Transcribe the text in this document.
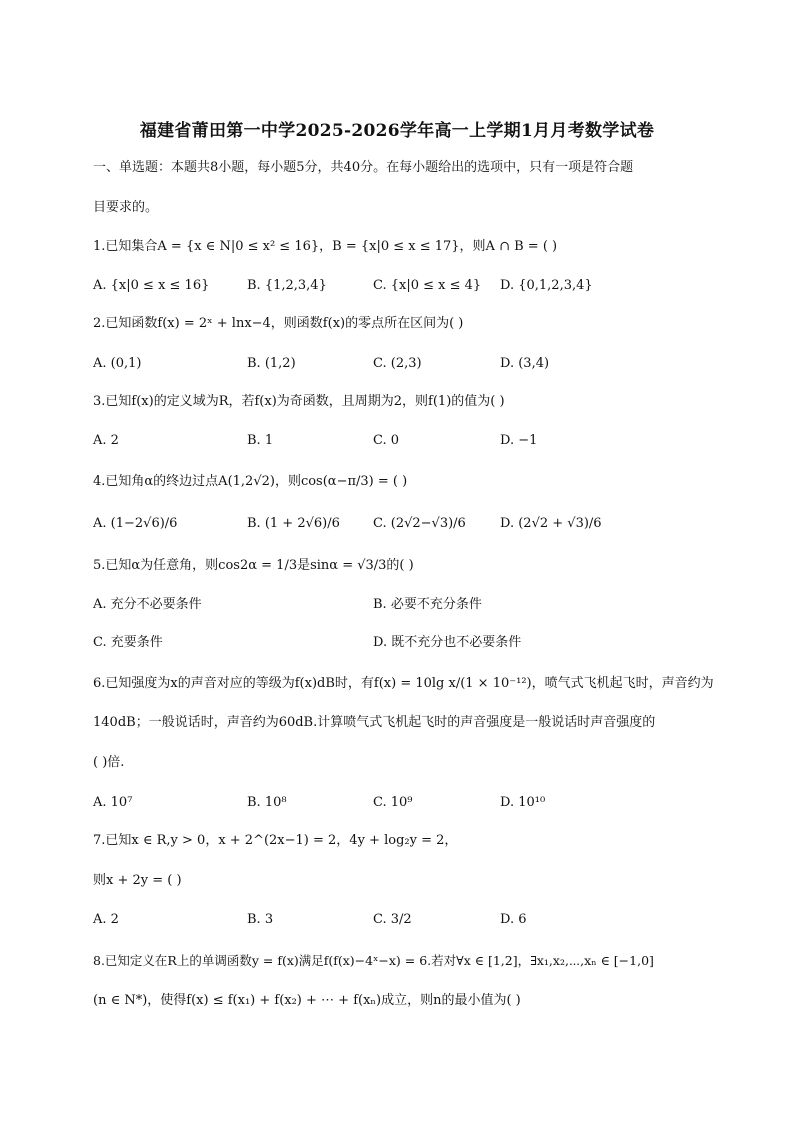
福建省莆田第一中学2025-2026学年高一上学期1月月考数学试卷
一、单选题：本题共8小题，每小题5分，共40分。在每小题给出的选项中，只有一项是符合题
目要求的。
1.已知集合A = {x ∈ N|0 ≤ x² ≤ 16}，B = {x|0 ≤ x ≤ 17}，则A ∩ B = ( )
A. {x|0 ≤ x ≤ 16}	B. {1,2,3,4}	C. {x|0 ≤ x ≤ 4} D. {0,1,2,3,4}
2.已知函数f(x) = 2ˣ + lnx−4，则函数f(x)的零点所在区间为( )
A. (0,1)	B. (1,2)	C. (2,3)	D. (3,4)
3.已知f(x)的定义域为R，若f(x)为奇函数，且周期为2，则f(1)的值为( )
A. 2	B. 1	C. 0	D. −1
4.已知角α的终边过点A(1,2√2)，则cos(α−π/3) = ( )
A. (1−2√6)/6	B. (1 + 2√6)/6	C. (2√2−√3)/6	D. (2√2 + √3)/6
5.已知α为任意角，则cos2α = 1/3是sinα = √3/3的( )
A. 充分不必要条件	B. 必要不充分条件
C. 充要条件	D. 既不充分也不必要条件
6.已知强度为x的声音对应的等级为f(x)dB时，有f(x) = 10lg x/(1 × 10⁻¹²)，喷气式飞机起飞时，声音约为
140dB；一般说话时，声音约为60dB.计算喷气式飞机起飞时的声音强度是一般说话时声音强度的
( )倍.
A. 10⁷	B. 10⁸	C. 10⁹	D. 10¹⁰
7.已知x ∈ R,y > 0，x + 2^(2x−1) = 2，4y + log₂y = 2，
则x + 2y = ( )
A. 2	B. 3	C. 3/2	D. 6
8.已知定义在R上的单调函数y = f(x)满足f(f(x)−4ˣ−x) = 6.若对∀x ∈ [1,2]，∃x₁,x₂,⋯,xₙ ∈ [−1,0]
(n ∈ N*)，使得f(x) ≤ f(x₁) + f(x₂) + ⋯ + f(xₙ)成立，则n的最小值为( )
